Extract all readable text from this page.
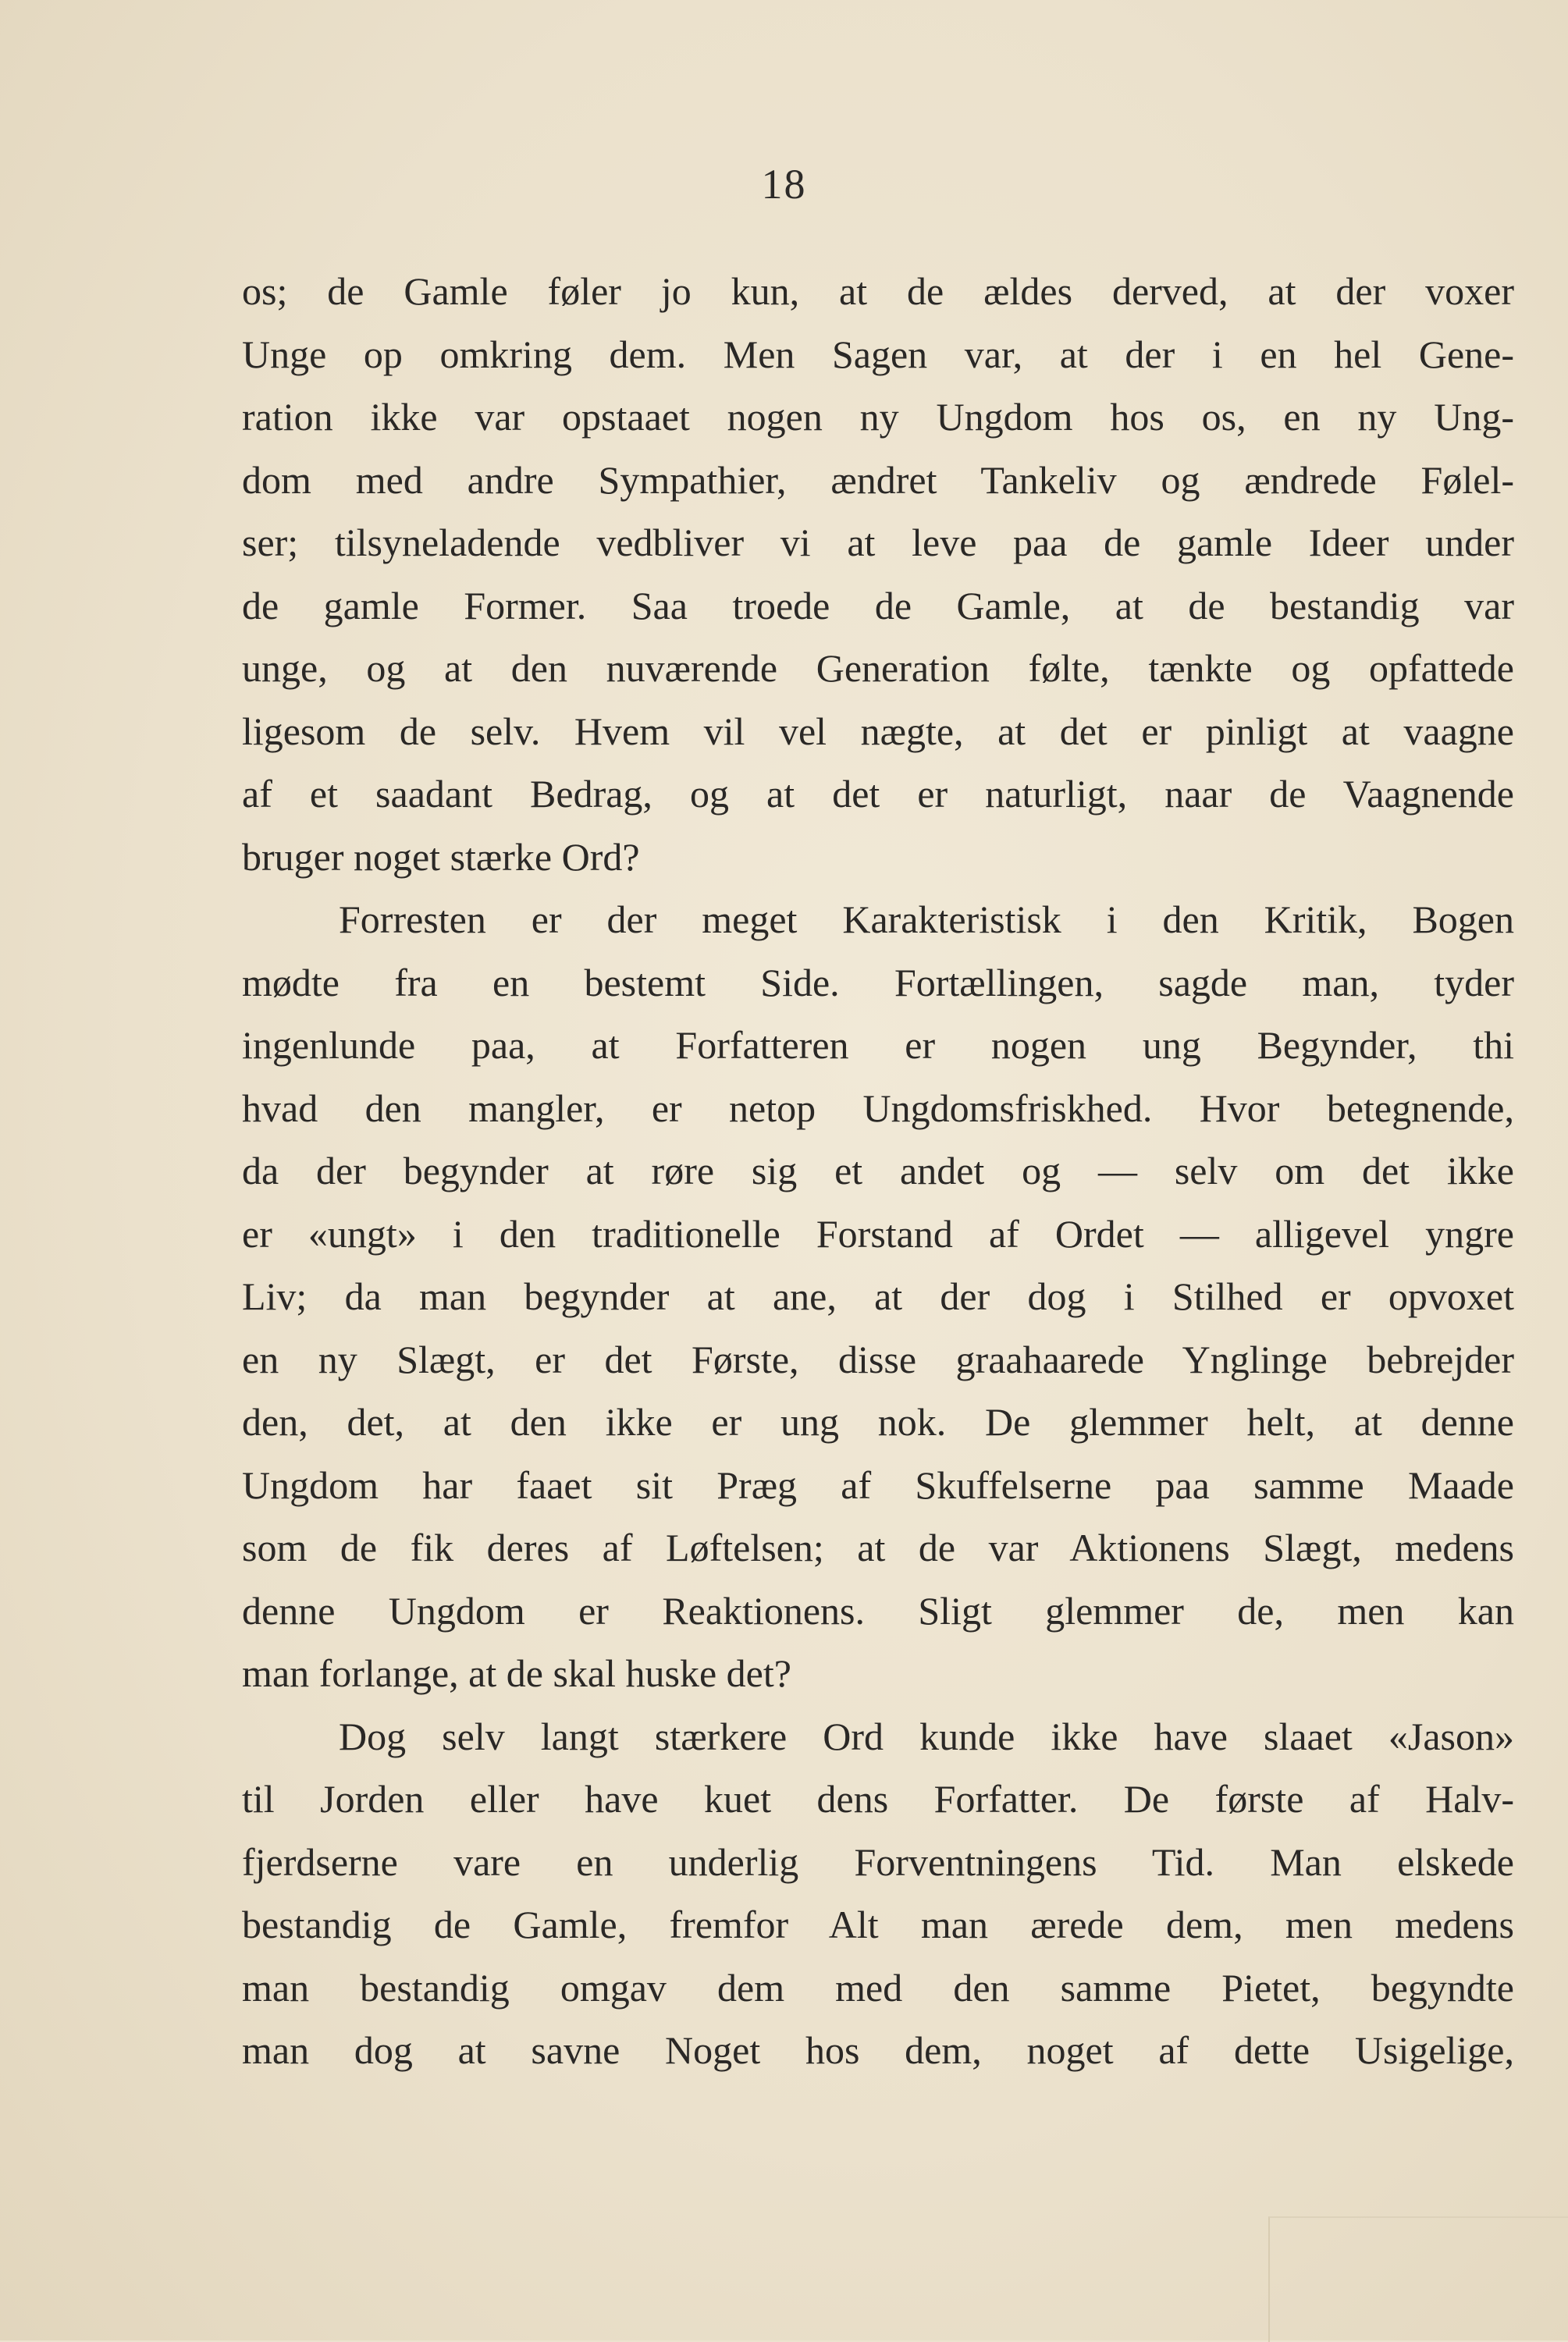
18
os; de Gamle føler jo kun, at de ældes derved, at der voxer
Unge op omkring dem. Men Sagen var, at der i en hel Gene-
ration ikke var opstaaet nogen ny Ungdom hos os, en ny Ung-
dom med andre Sympathier, ændret Tankeliv og ændrede Følel-
ser; tilsyneladende vedbliver vi at leve paa de gamle Ideer under
de gamle Former. Saa troede de Gamle, at de bestandig var
unge, og at den nuværende Generation følte, tænkte og opfattede
ligesom de selv. Hvem vil vel nægte, at det er pinligt at vaagne
af et saadant Bedrag, og at det er naturligt, naar de Vaagnende
bruger noget stærke Ord?
Forresten er der meget Karakteristisk i den Kritik, Bogen
mødte fra en bestemt Side. Fortællingen, sagde man, tyder
ingenlunde paa, at Forfatteren er nogen ung Begynder, thi
hvad den mangler, er netop Ungdomsfriskhed. Hvor betegnende,
da der begynder at røre sig et andet og — selv om det ikke
er «ungt» i den traditionelle Forstand af Ordet — alligevel yngre
Liv; da man begynder at ane, at der dog i Stilhed er opvoxet
en ny Slægt, er det Første, disse graahaarede Ynglinge bebrejder
den, det, at den ikke er ung nok. De glemmer helt, at denne
Ungdom har faaet sit Præg af Skuffelserne paa samme Maade
som de fik deres af Løftelsen; at de var Aktionens Slægt, medens
denne Ungdom er Reaktionens. Sligt glemmer de, men kan
man forlange, at de skal huske det?
Dog selv langt stærkere Ord kunde ikke have slaaet «Jason»
til Jorden eller have kuet dens Forfatter. De første af Halv-
fjerdserne vare en underlig Forventningens Tid. Man elskede
bestandig de Gamle, fremfor Alt man ærede dem, men medens
man bestandig omgav dem med den samme Pietet, begyndte
man dog at savne Noget hos dem, noget af dette Usigelige,
